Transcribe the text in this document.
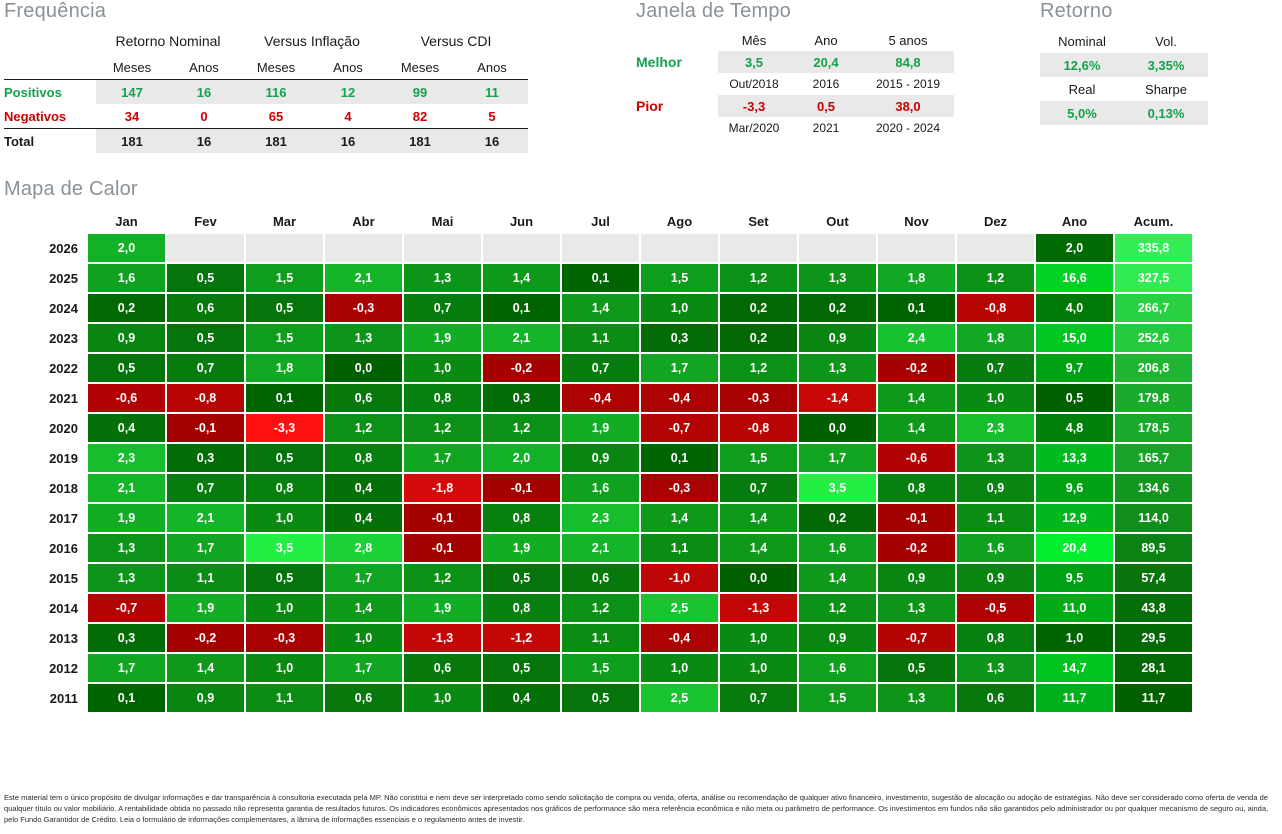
Frequência
	Retorno Nominal		Versus Inflação		Versus CDI	
	Meses	Anos	Meses	Anos	Meses	Anos
Positivos	147	16	116	12	99	11
Negativos	34	0	65	4	82	5
Total	181	16	181	16	181	16
Janela de Tempo
	Mês	Ano	5 anos
Melhor	3,5	20,4	84,8
	Out/2018	2016	2015 - 2019
Pior	-3,3	0,5	38,0
	Mar/2020	2021	2020 - 2024
Retorno
Nominal	Vol.
12,6%	3,35%
Real	Sharpe
5,0%	0,13%
Mapa de Calor
	Jan	Fev	Mar	Abr	Mai	Jun	Jul	Ago	Set	Out	Nov	Dez	Ano	Acum.
2026	2,0												2,0	335,8
2025	1,6	0,5	1,5	2,1	1,3	1,4	0,1	1,5	1,2	1,3	1,8	1,2	16,6	327,5
2024	0,2	0,6	0,5	-0,3	0,7	0,1	1,4	1,0	0,2	0,2	0,1	-0,8	4,0	266,7
2023	0,9	0,5	1,5	1,3	1,9	2,1	1,1	0,3	0,2	0,9	2,4	1,8	15,0	252,6
2022	0,5	0,7	1,8	0,0	1,0	-0,2	0,7	1,7	1,2	1,3	-0,2	0,7	9,7	206,8
2021	-0,6	-0,8	0,1	0,6	0,8	0,3	-0,4	-0,4	-0,3	-1,4	1,4	1,0	0,5	179,8
2020	0,4	-0,1	-3,3	1,2	1,2	1,2	1,9	-0,7	-0,8	0,0	1,4	2,3	4,8	178,5
2019	2,3	0,3	0,5	0,8	1,7	2,0	0,9	0,1	1,5	1,7	-0,6	1,3	13,3	165,7
2018	2,1	0,7	0,8	0,4	-1,8	-0,1	1,6	-0,3	0,7	3,5	0,8	0,9	9,6	134,6
2017	1,9	2,1	1,0	0,4	-0,1	0,8	2,3	1,4	1,4	0,2	-0,1	1,1	12,9	114,0
2016	1,3	1,7	3,5	2,8	-0,1	1,9	2,1	1,1	1,4	1,6	-0,2	1,6	20,4	89,5
2015	1,3	1,1	0,5	1,7	1,2	0,5	0,6	-1,0	0,0	1,4	0,9	0,9	9,5	57,4
2014	-0,7	1,9	1,0	1,4	1,9	0,8	1,2	2,5	-1,3	1,2	1,3	-0,5	11,0	43,8
2013	0,3	-0,2	-0,3	1,0	-1,3	-1,2	1,1	-0,4	1,0	0,9	-0,7	0,8	1,0	29,5
2012	1,7	1,4	1,0	1,7	0,6	0,5	1,5	1,0	1,0	1,6	0,5	1,3	14,7	28,1
2011	0,1	0,9	1,1	0,6	1,0	0,4	0,5	2,5	0,7	1,5	1,3	0,6	11,7	11,7
Este material tem o único propósito de divulgar informações e dar transparência à consultoria executada pela MP. Não constitui e nem deve ser interpretado como sendo solicitação de compra ou venda, oferta, análise ou recomendação de qualquer ativo financeiro, investimento, sugestão de alocação ou adoção de estratégias. Não deve ser considerado como oferta de venda de qualquer título ou valor mobiliário. A rentabilidade obtida no passado não representa garantia de resultados futuros. Os indicadores econômicos apresentados nos gráficos de performance são mera referência econômica e não meta ou parâmetro de performance. Os investimentos em fundos não são garantidos pelo administrador ou por qualquer mecanismo de seguro ou, ainda, pelo Fundo Garantidor de Crédito. Leia o formulário de informações complementares, a lâmina de informações essenciais e o regulamento antes de investir.
